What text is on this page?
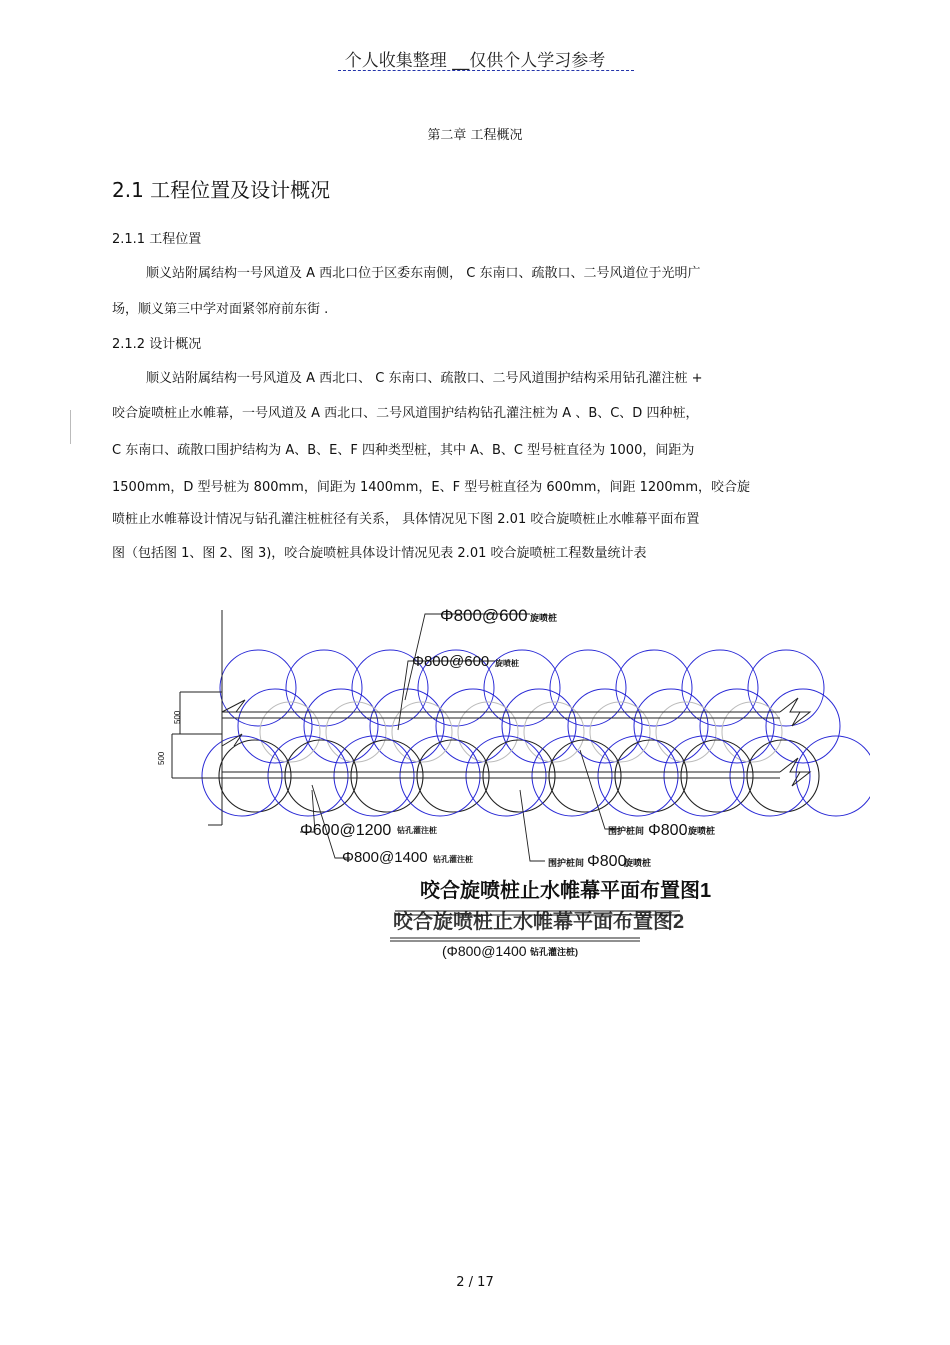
个人收集整理 __仅供个人学习参考
第二章 工程概况
2.1 工程位置及设计概况
2.1.1 工程位置
顺义站附属结构一号风道及 A 西北口位于区委东南侧， C 东南口、疏散口、二号风道位于光明广
场，顺义第三中学对面紧邻府前东街 .
2.1.2 设计概况
顺义站附属结构一号风道及 A 西北口、 C 东南口、疏散口、二号风道围护结构采用钻孔灌注桩 +
咬合旋喷桩止水帷幕，一号风道及 A 西北口、二号风道围护结构钻孔灌注桩为 A 、B、C、D 四种桩，
C 东南口、疏散口围护结构为 A、B、E、F 四种类型桩，其中 A、B、C 型号桩直径为 1000，间距为
1500mm，D 型号桩为 800mm，间距为 1400mm，E、F 型号桩直径为 600mm，间距 1200mm，咬合旋
喷桩止水帷幕设计情况与钻孔灌注桩桩径有关系， 具体情况见下图 2.01 咬合旋喷桩止水帷幕平面布置
图（包括图 1、图 2、图 3)，咬合旋喷桩具体设计情况见表 2.01 咬合旋喷桩工程数量统计表
Φ800@600 旋喷桩
Φ800@600 旋喷桩
500
500
Φ600@1200 钻孔灌注桩
Φ800@1400 钻孔灌注桩
围护桩间 Φ800 旋喷桩
围护桩间 Φ800
旋喷桩
咬合旋喷桩止水帷幕平面布置图1
咬合旋喷桩止水帷幕平面布置图2
(Φ800@1400 钻孔灌注桩)
2 / 17
